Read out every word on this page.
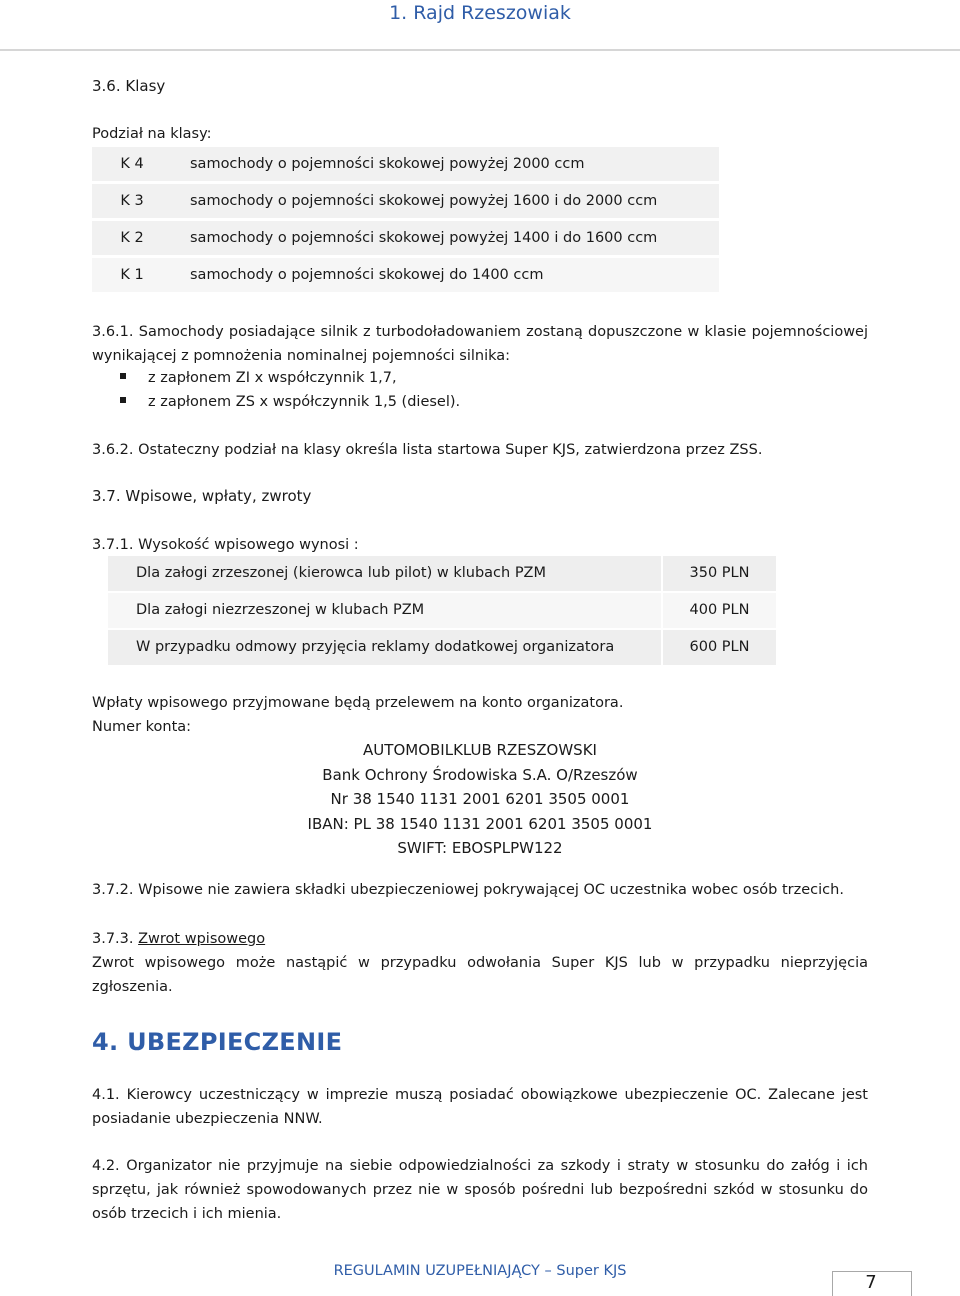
1. Rajd Rzeszowiak
3.6. Klasy
Podział na klasy:
K 4	samochody o pojemności skokowej powyżej 2000 ccm
K 3	samochody o pojemności skokowej powyżej 1600 i do 2000 ccm
K 2	samochody o pojemności skokowej powyżej 1400 i do 1600 ccm
K 1	samochody o pojemności skokowej do 1400 ccm
3.6.1. Samochody posiadające silnik z turbodoładowaniem zostaną dopuszczone w klasie pojemnościowej wynikającej z pomnożenia nominalnej pojemności silnika:
z zapłonem ZI x współczynnik 1,7,
z zapłonem ZS x współczynnik 1,5 (diesel).
3.6.2. Ostateczny podział na klasy określa lista startowa Super KJS, zatwierdzona przez ZSS.
3.7. Wpisowe, wpłaty, zwroty
3.7.1. Wysokość wpisowego wynosi :
Dla załogi zrzeszonej (kierowca lub pilot) w klubach PZM	350 PLN
Dla załogi niezrzeszonej w klubach PZM	400 PLN
W przypadku odmowy przyjęcia reklamy dodatkowej organizatora	600 PLN
Wpłaty wpisowego przyjmowane będą przelewem na konto organizatora.
Numer konta:
AUTOMOBILKLUB RZESZOWSKI
Bank Ochrony Środowiska S.A. O/Rzeszów
Nr 38 1540 1131 2001 6201 3505 0001
IBAN: PL 38 1540 1131 2001 6201 3505 0001
SWIFT: EBOSPLPW122
3.7.2. Wpisowe nie zawiera składki ubezpieczeniowej pokrywającej OC uczestnika wobec osób trzecich.
3.7.3. Zwrot wpisowego
Zwrot wpisowego może nastąpić w przypadku odwołania Super KJS lub w przypadku nieprzyjęcia zgłoszenia.
4. UBEZPIECZENIE
4.1. Kierowcy uczestniczący w imprezie muszą posiadać obowiązkowe ubezpieczenie OC. Zalecane jest posiadanie ubezpieczenia NNW.
4.2. Organizator nie przyjmuje na siebie odpowiedzialności za szkody i straty w stosunku do załóg i ich sprzętu, jak również spowodowanych przez nie w sposób pośredni lub bezpośredni szkód w stosunku do osób trzecich i ich mienia.
REGULAMIN UZUPEŁNIAJĄCY – Super KJS
7
